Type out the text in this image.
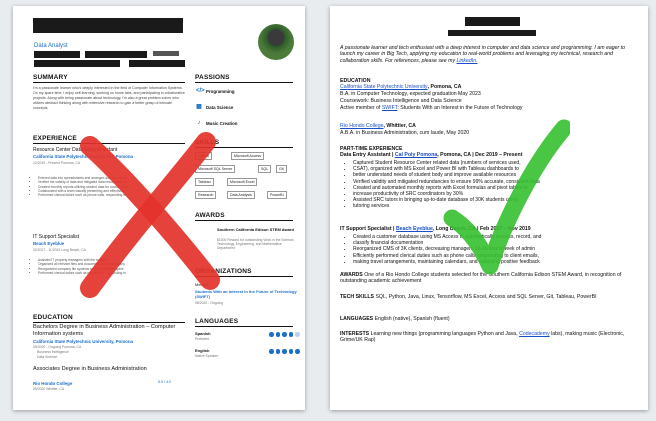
Data Analyst
SUMMARY
I'm a passionate learner who's deeply interested in the field of Computer Information Systems. On my spare time, I enjoy self-learning, working on home labs, and participating in collaborative projects. Along with being passionate about technology, I'm also a great problem solver who utilizes abstract thinking along with extensive research to gain a better grasp of intricate concepts.
EXPERIENCE
Resource Center Data Entry Assistant
California State Polytechnic University, Pomona
12/2019 - Present Pomona, CA
• Entered data into spreadsheets and arranged dashboards on
• Verified the validity of data and mitigated data redundancy for
• Created monthly reports utilizing student data for coordinators
• Collaborated with a team visually presenting and effectively
• Performed clerical duties such as phone calls, responding to
IT Support Specialist
Beach Eyeblue
02/2017 - 11/2019 Long Beach, CA
• Assisted IT property managers with the system
• Organized all relevant files and documents for the company
• Reorganized company file systems to decrease time spent
• Performed clerical duties such as phone calls, responding to
EDUCATION
Bachelors Degree in Business Administration – Computer Information systems
California State Polytechnic University, Pomona
09/2020 - Ongoing Pomona, CA
Business Intelligence
Data Science
Associates Degree in Business Administration
Rio Hondo College
05/2020 Whittier, CA
5.5 / 4.0
PASSIONS
</> Programming
▦ Data Science
♪	Music Creation
SKILLS
Python	Microsoft Access
Microsoft SQL Server	SQL	Git
Tableau	Microsoft Excel
Research	Data Analysis	PowerBI
AWARDS
Southern California Edison STEM Award
$1000 Reward for outstanding Work in the Science, Technology, Engineering, and Mathematics Department
ORGANIZATIONS
Member
Students With an Interest in the Future of Technology (SWIFT)
08/2020 - Ongoing
LANGUAGES
Spanish
Proficient
English
Native Speaker
A passionate learner and tech enthusiast with a deep interest in computer and data science and programming. I am eager to launch my career in Big Tech, applying my education to real-world problems and leveraging my technical, research and collaboration skills. For references, please see my LinkedIn.
EDUCATION
California State Polytechnic University, Pomona, CA
B.A. in Computer Technology, expected graduation May 2023
Coursework: Business Intelligence and Data Science
Active member of SWIFT: Students With an Interest in the Future of Technology
Rio Hondo College, Whittier, CA
A.B.A. in Business Administration, cum laude, May 2020
PART-TIME EXPERIENCE
Data Entry Assistant | Cal Poly Pomona, Pomona, CA | Dec 2019 – Present
• Captured Student Resource Center related data (numbers of services used,
• CSAT), organized with MS Excel and Power BI with Tableau dashboards to
• better understand needs of student body and improve available resources
• Verified validity and mitigated redundancies to ensure 99% accurate, consistent data
• Created and automated monthly reports with Excel formulas and pivot tables to
• increase productivity of SRC coordinators by 30%
• Assisted SRC tutors in bringing up-to-date database of 30K students using
• tutoring services
IT Support Specialist | Beach Eyeblue, Long Beach, CA | Feb 2017 – Nov 2019
• Created a customer database using MS Access to automatically process, record, and
• classify financial documentation
• Reorganized CMS of 3K clients, decreasing managers 10-15 hours/week of admin
• Efficiently performed clerical duties such as phone calls, responding to client emails,
• making travel arrangements, maintaining calendars, and collecting positive feedback
AWARDS One of a Rio Hondo College students selected for the Southern California Edison STEM Award, in recognition of outstanding academic achievement
TECH SKILLS SQL, Python, Java, Linux, Tensorflow, MS Excel, Access and SQL Server, Git, Tableau, PowerBI
LANGUAGES English (native), Spanish (fluent)
INTERESTS Learning new things (programming languages Python and Java, Codecademy labs), making music (Electronic, Grime/UK Rap)
